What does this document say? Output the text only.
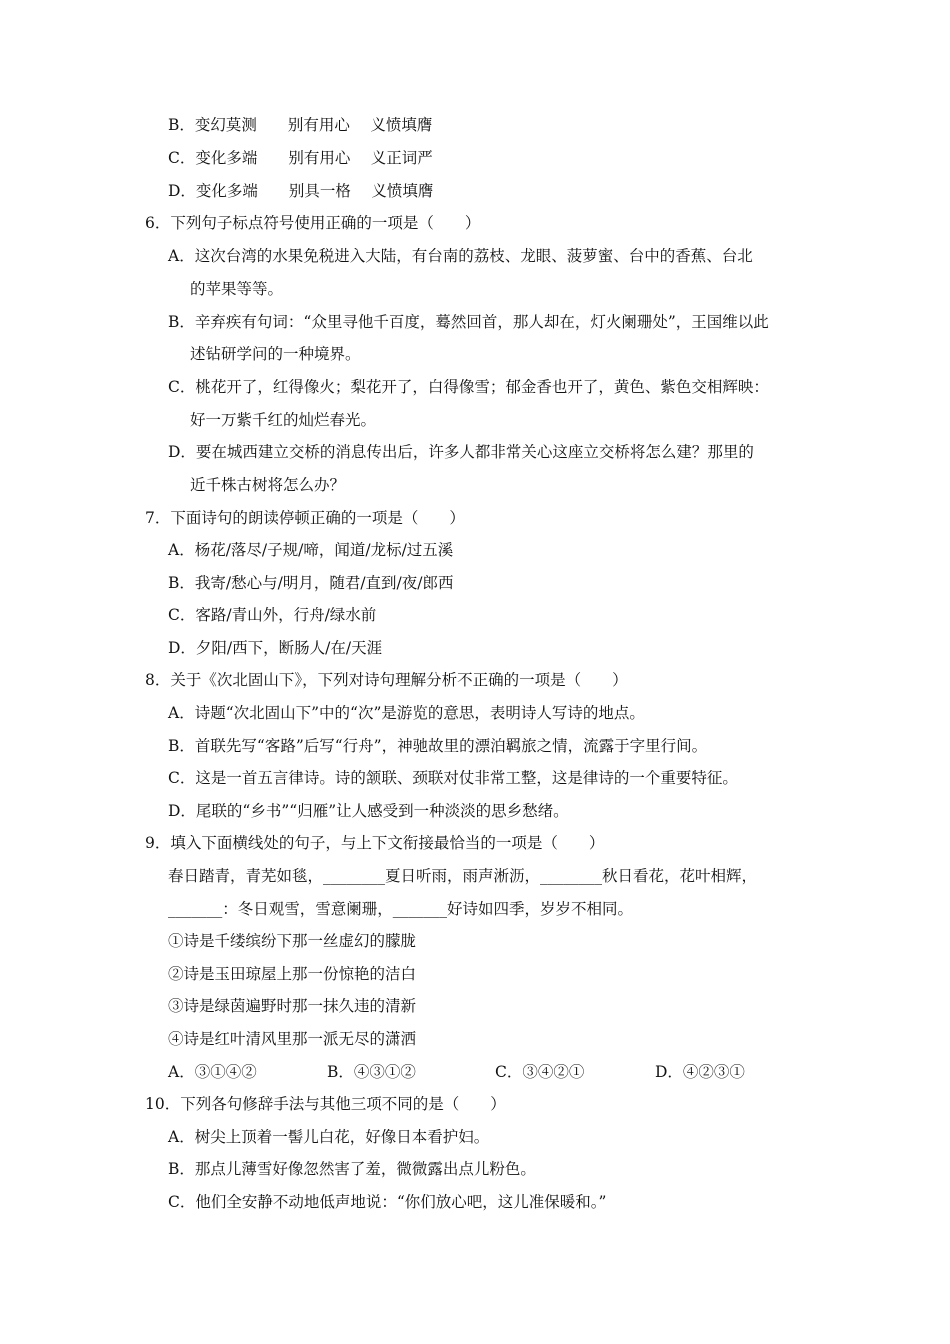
B．变幻莫测　　别有用心　 义愤填膺
C．变化多端　　别有用心　 义正词严
D．变化多端　　别具一格　 义愤填膺
6．下列句子标点符号使用正确的一项是（　　）
A．这次台湾的水果免税进入大陆，有台南的荔枝、龙眼、菠萝蜜、台中的香蕉、台北
的苹果等等。
B．辛弃疾有句词：“众里寻他千百度，蓦然回首，那人却在，灯火阑珊处”，王国维以此
述钻研学问的一种境界。
C．桃花开了，红得像火；梨花开了，白得像雪；郁金香也开了，黄色、紫色交相辉映：
好一万紫千红的灿烂春光。
D．要在城西建立交桥的消息传出后，许多人都非常关心这座立交桥将怎么建？那里的
近千株古树将怎么办？
7．下面诗句的朗读停顿正确的一项是（　　）
A．杨花/落尽/子规/啼，闻道/龙标/过五溪
B．我寄/愁心与/明月，随君/直到/夜/郎西
C．客路/青山外，行舟/绿水前
D．夕阳/西下，断肠人/在/天涯
8．关于《次北固山下》，下列对诗句理解分析不正确的一项是（　　）
A．诗题“次北固山下”中的“次”是游览的意思，表明诗人写诗的地点。
B．首联先写“客路”后写“行舟”，神驰故里的漂泊羁旅之情，流露于字里行间。
C．这是一首五言律诗。诗的颔联、颈联对仗非常工整，这是律诗的一个重要特征。
D．尾联的“乡书”“归雁”让人感受到一种淡淡的思乡愁绪。
9．填入下面横线处的句子，与上下文衔接最恰当的一项是（　　）
春日踏青，青芜如毯，________夏日听雨，雨声淅沥，________秋日看花，花叶相辉，
_______：冬日观雪，雪意阑珊，_______好诗如四季，岁岁不相同。
①诗是千缕缤纷下那一丝虚幻的朦胧
②诗是玉田琼屋上那一份惊艳的洁白
③诗是绿茵遍野时那一抹久违的清新
④诗是红叶清风里那一派无尽的潇洒
A．③①④②	B．④③①②	C．③④②①	D．④②③①
10．下列各句修辞手法与其他三项不同的是（　　）
A．树尖上顶着一髻儿白花，好像日本看护妇。
B．那点儿薄雪好像忽然害了羞，微微露出点儿粉色。
C．他们全安静不动地低声地说：“你们放心吧，这儿准保暖和。”
